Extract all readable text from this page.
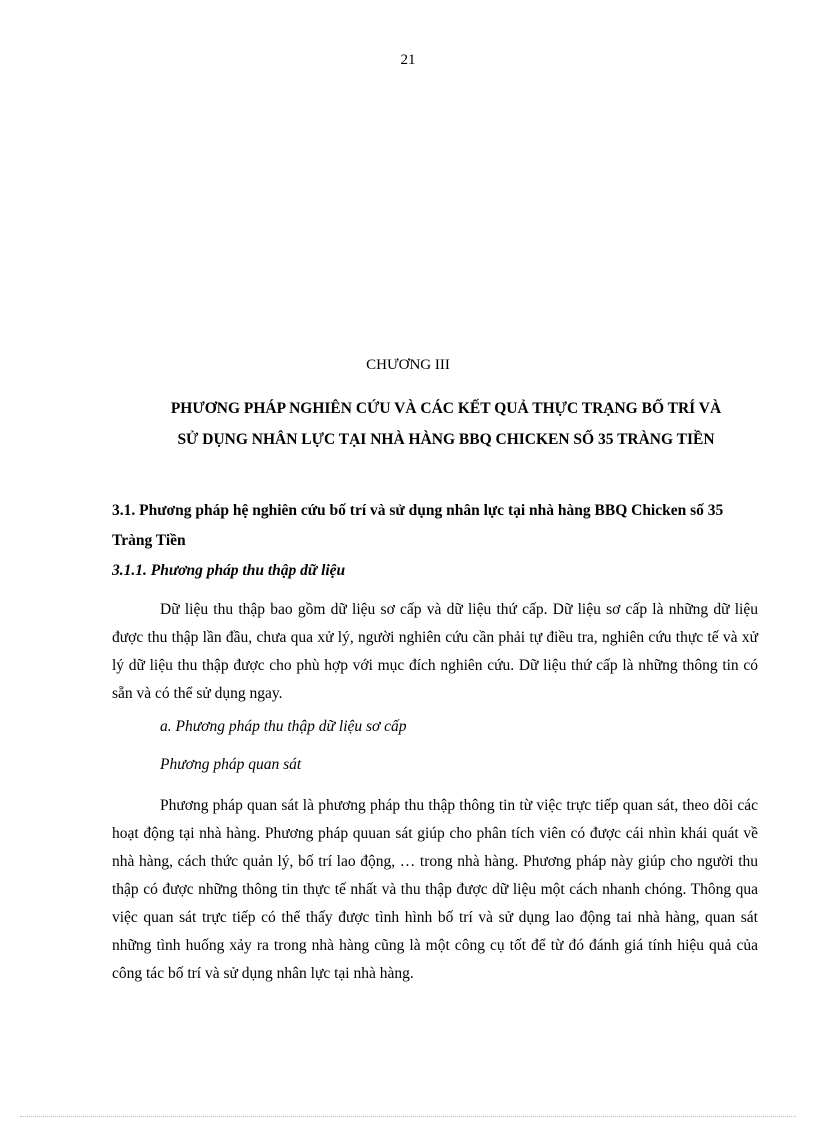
21
CHƯƠNG III
PHƯƠNG PHÁP NGHIÊN CỨU VÀ CÁC KẾT QUẢ THỰC TRẠNG BỐ TRÍ VÀ
SỬ DỤNG NHÂN LỰC TẠI NHÀ HÀNG BBQ CHICKEN SỐ 35 TRÀNG TIỀN
3.1. Phương pháp hệ nghiên cứu bố trí và sử dụng nhân lực tại nhà hàng BBQ Chicken số 35 Tràng Tiền
3.1.1. Phương pháp thu thập dữ liệu

Dữ liệu thu thập bao gồm dữ liệu sơ cấp và dữ liệu thứ cấp. Dữ liệu sơ cấp là những dữ liệu được thu thập lần đầu, chưa qua xử lý, người nghiên cứu cần phải tự điều tra, nghiên cứu thực tế và xử lý dữ liệu thu thập được cho phù hợp với mục đích nghiên cứu. Dữ liệu thứ cấp là những thông tin có sẵn và có thể sử dụng ngay.

a. Phương pháp thu thập dữ liệu sơ cấp
Phương pháp quan sát

Phương pháp quan sát là phương pháp thu thập thông tin từ việc trực tiếp quan sát, theo dõi các hoạt động tại nhà hàng. Phương pháp quuan sát giúp cho phân tích viên có được cái nhìn khái quát về nhà hàng, cách thức quản lý, bố trí lao động, … trong nhà hàng. Phương pháp này giúp cho người thu thập có được những thông tin thực tế nhất và thu thập được dữ liệu một cách nhanh chóng. Thông qua việc quan sát trực tiếp có thể thấy được tình hình bố trí và sử dụng lao động tai nhà hàng, quan sát những tình huống xảy ra trong nhà hàng cũng là một công cụ tốt để từ đó đánh giá tính hiệu quả của công tác bố trí và sử dụng nhân lực tại nhà hàng.
